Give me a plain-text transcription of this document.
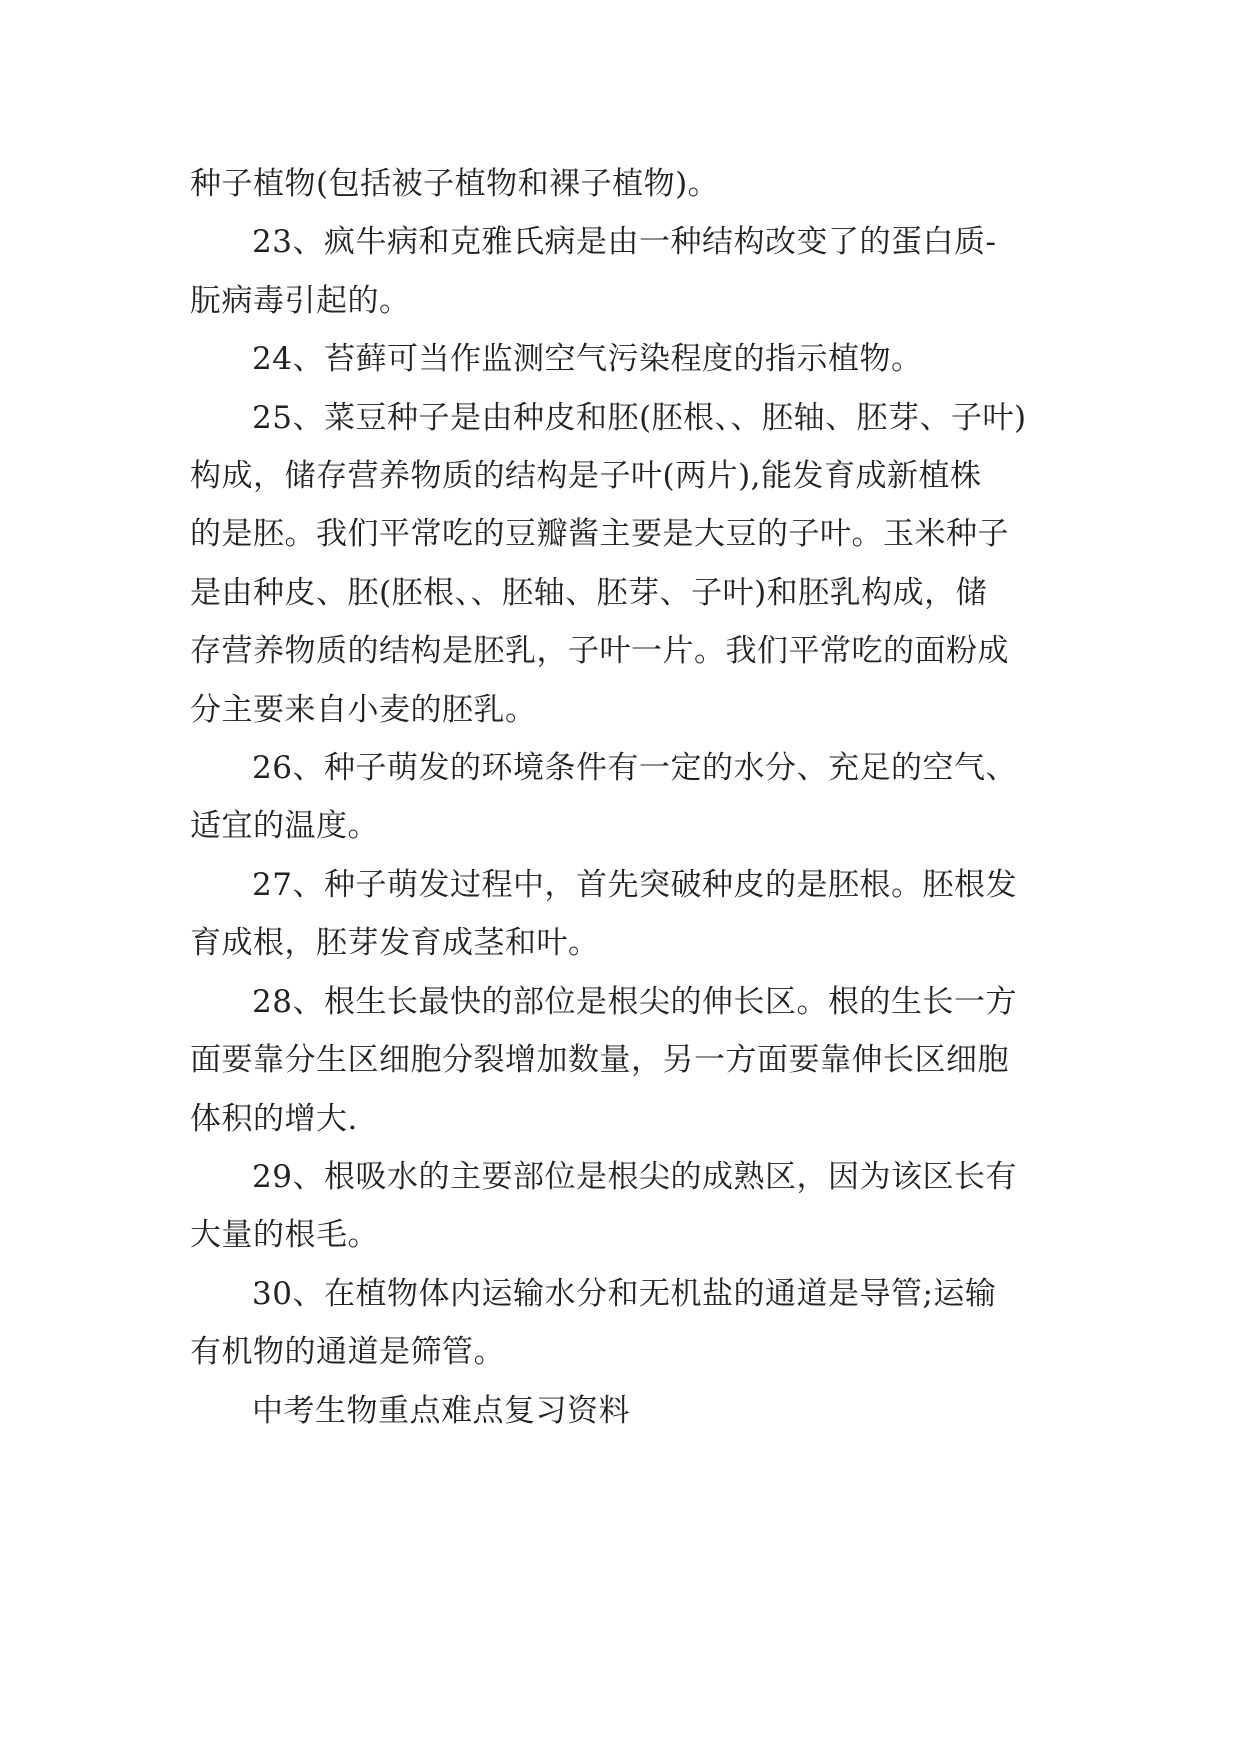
种子植物(包括被子植物和裸子植物)。

23、疯牛病和克雅氏病是由一种结构改变了的蛋白质-
朊病毒引起的。

24、苔藓可当作监测空气污染程度的指示植物。

25、菜豆种子是由种皮和胚(胚根、、胚轴、胚芽、子叶)
构成，储存营养物质的结构是子叶(两片),能发育成新植株
的是胚。我们平常吃的豆瓣酱主要是大豆的子叶。玉米种子
是由种皮、胚(胚根、、胚轴、胚芽、子叶)和胚乳构成，储
存营养物质的结构是胚乳，子叶一片。我们平常吃的面粉成
分主要来自小麦的胚乳。

26、种子萌发的环境条件有一定的水分、充足的空气、
适宜的温度。

27、种子萌发过程中，首先突破种皮的是胚根。胚根发
育成根，胚芽发育成茎和叶。

28、根生长最快的部位是根尖的伸长区。根的生长一方
面要靠分生区细胞分裂增加数量，另一方面要靠伸长区细胞
体积的增大.

29、根吸水的主要部位是根尖的成熟区，因为该区长有
大量的根毛。

30、在植物体内运输水分和无机盐的通道是导管;运输
有机物的通道是筛管。

中考生物重点难点复习资料
